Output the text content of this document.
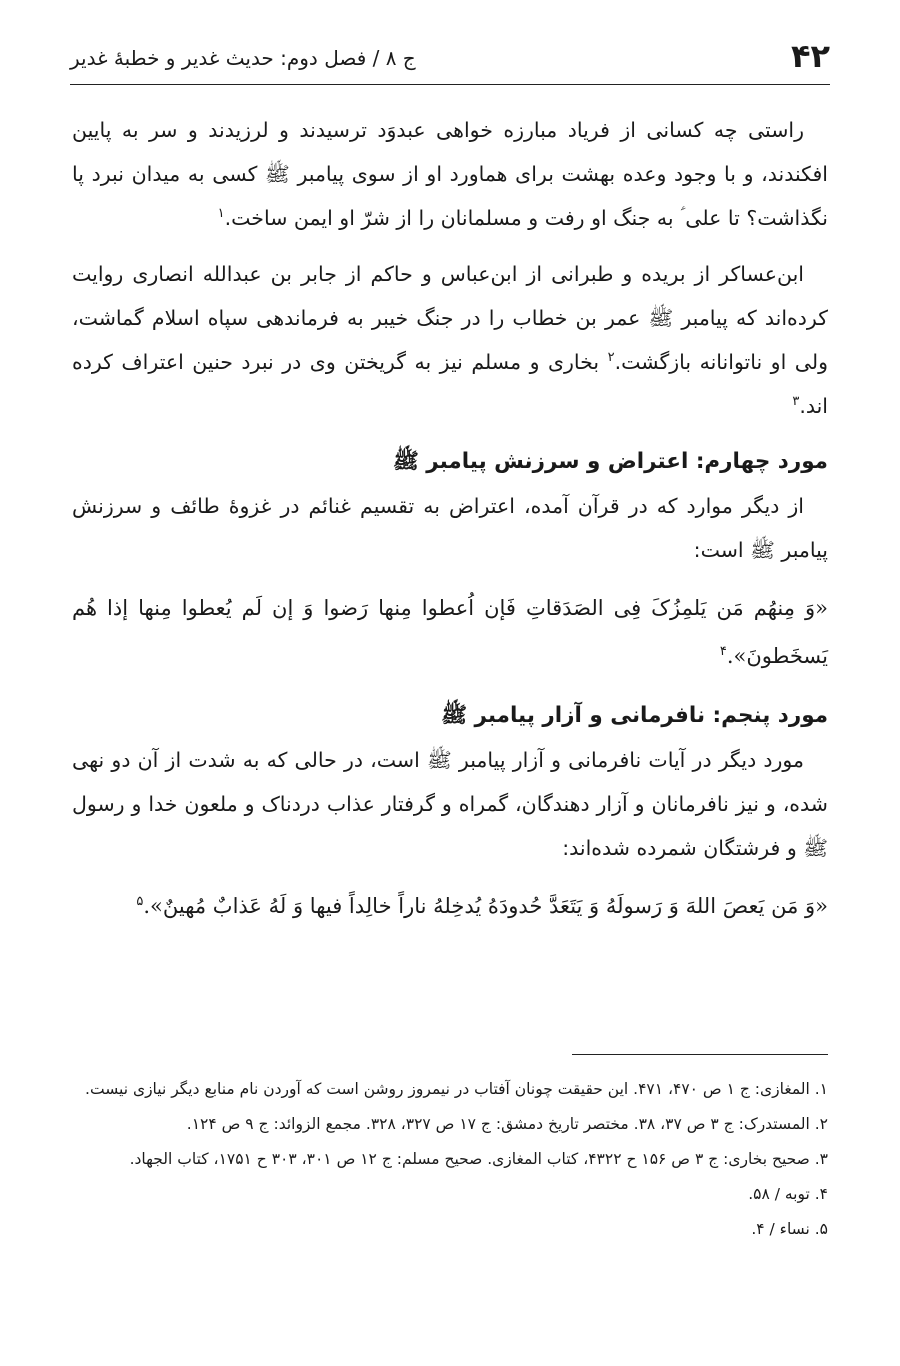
۴۲
ج ۸ / فصل دوم: حدیث غدیر و خطبهٔ غدیر

راستی چه کسانی از فریاد مبارزه خواهی عبدوَد ترسیدند و لرزیدند و سر به پایین افکندند، و با وجود وعده بهشت برای هماورد او از سوی پیامبر ﷺ کسی به میدان نبرد پا نگذاشت؟ تا علی ؑ به جنگ او رفت و مسلمانان را از شرّ او ایمن ساخت.$^۱$

ابن‌عساکر از بریده و طبرانی از ابن‌عباس و حاکم از جابر بن عبدالله انصاری روایت کرده‌اند که پیامبر ﷺ عمر بن خطاب را در جنگ خیبر به فرماندهی سپاه اسلام گماشت، ولی او ناتوانانه بازگشت.$^۲$ بخاری و مسلم نیز به گریختن وی در نبرد حنین اعتراف کرده اند.$^۳$

مورد چهارم: اعتراض و سرزنش پیامبر ﷺ

از دیگر موارد که در قرآن آمده، اعتراض به تقسیم غنائم در غزوهٔ طائف و سرزنش پیامبر ﷺ است:

«وَ مِنهُم مَن یَلمِزُکَ فِی الصَدَقاتِ فَإن اُعطوا مِنها رَضوا وَ إن لَم یُعطوا مِنها إذا هُم یَسخَطونَ».$^۴$

مورد پنجم: نافرمانی و آزار پیامبر ﷺ

مورد دیگر در آیات نافرمانی و آزار پیامبر ﷺ است، در حالی که به شدت از آن دو نهی شده، و نیز نافرمانان و آزار دهندگان، گمراه و گرفتار عذاب دردناک و ملعون خدا و رسول ﷺ و فرشتگان شمرده شده‌اند:

«وَ مَن یَعصَ اللهَ وَ رَسولَهُ وَ یَتَعَدَّ حُدودَهُ یُدخِلهُ ناراً خالِداً فیها وَ لَهُ عَذابٌ مُهینٌ».$^۵$

۱. المغازی: ج ۱ ص ۴۷۰، ۴۷۱. این حقیقت چونان آفتاب در نیمروز روشن است که آوردن نام منابع دیگر نیازی نیست.

۲. المستدرک: ج ۳ ص ۳۷، ۳۸. مختصر تاریخ دمشق: ج ۱۷ ص ۳۲۷، ۳۲۸. مجمع الزوائد: ج ۹ ص ۱۲۴.

۳. صحیح بخاری: ج ۳ ص ۱۵۶ ح ۴۳۲۲، کتاب المغازی. صحیح مسلم: ج ۱۲ ص ۳۰۱، ۳۰۳ ح ۱۷۵۱، کتاب الجهاد.

۴. توبه / ۵۸.

۵. نساء / ۴.
